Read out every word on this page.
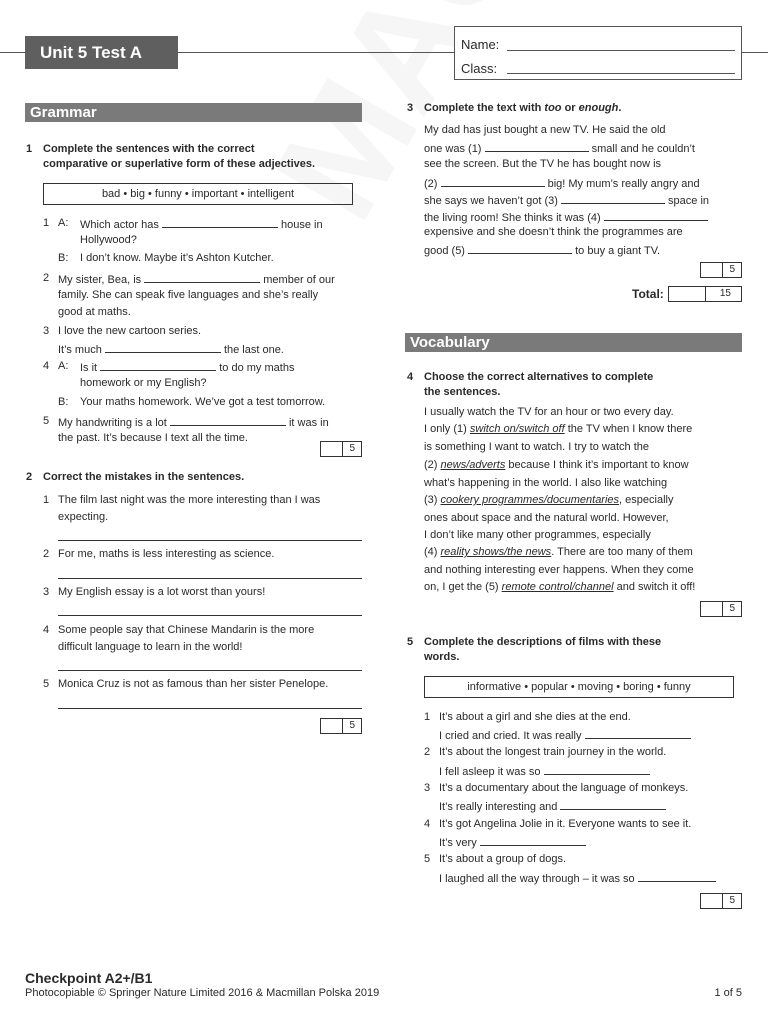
Unit 5 Test A	Name:
Class:
Grammar
1 Complete the sentences with the correct
comparative or superlative form of these adjectives.
bad • big • funny • important • intelligent
1 A: Which actor has	house in
Hollywood?
B: I don’t know. Maybe it’s Ashton Kutcher.
2 My sister, Bea, is	member of our
family. She can speak five languages and she’s really
good at maths.
3 I love the new cartoon series.
It’s much	the last one.
4 A: Is it	to do my maths
homework or my English?
B: Your maths homework. We’ve got a test tomorrow.
5 My handwriting is a lot	it was in
the past. It’s because I text all the time.
5
2 Correct the mistakes in the sentences.
1 The film last night was the more interesting than I was
expecting.
2 For me, maths is less interesting as science.
3 My English essay is a lot worst than yours!
4 Some people say that Chinese Mandarin is the more
difficult language to learn in the world!
5 Monica Cruz is not as famous than her sister Penelope.
5
3 Complete the text with too or enough.
My dad has just bought a new TV. He said the old
one was (1)	small and he couldn’t
see the screen. But the TV he has bought now is
(2)	big! My mum’s really angry and
she says we haven’t got (3)	space in
the living room! She thinks it was (4)
expensive and she doesn’t think the programmes are
good (5)	to buy a giant TV.
5
Total:	15
Vocabulary
4 Choose the correct alternatives to complete
the sentences.
I usually watch the TV for an hour or two every day.
I only (1) switch on/switch off the TV when I know there
is something I want to watch. I try to watch the
(2) news/adverts because I think it’s important to know
what’s happening in the world. I also like watching
(3) cookery programmes/documentaries, especially
ones about space and the natural world. However,
I don’t like many other programmes, especially
(4) reality shows/the news. There are too many of them
and nothing interesting ever happens. When they come
on, I get the (5) remote control/channel and switch it off!
5
5 Complete the descriptions of films with these
words.
informative • popular • moving • boring • funny
1 It’s about a girl and she dies at the end.
I cried and cried. It was really
2 It’s about the longest train journey in the world.
I fell asleep it was so
3 It’s a documentary about the language of monkeys.
It’s really interesting and
4 It’s got Angelina Jolie in it. Everyone wants to see it.
It’s very
5 It’s about a group of dogs.
I laughed all the way through – it was so
5
Checkpoint A2+/B1
Photocopiable © Springer Nature Limited 2016 & Macmillan Polska 2019	1 of 5
